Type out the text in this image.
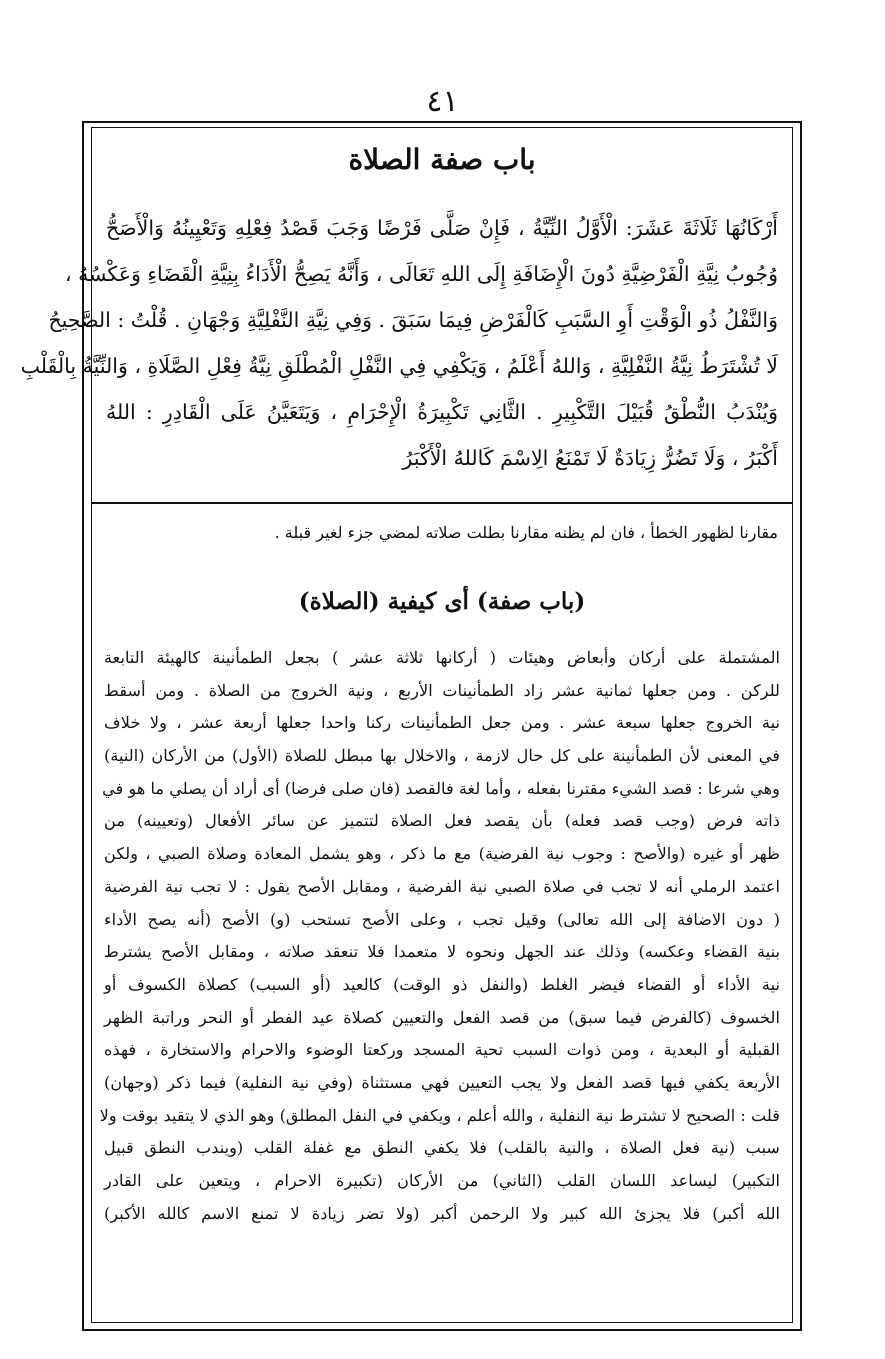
٤١
باب صفة الصلاة
أَرْكَانُهَا ثَلَاثَةَ عَشَرَ: الْأَوَّلُ النِّيَّةُ ، فَإِنْ صَلَّى فَرْضًا وَجَبَ قَصْدُ فِعْلِهِ وَتَعْيِينُهُ وَالْأَصَحُّ
وُجُوبُ نِيَّةِ الْفَرْضِيَّةِ دُونَ الْإِضَافَةِ إِلَى اللهِ تَعَالَى ، وَأَنَّهُ يَصِحُّ الْأَدَاءُ بِنِيَّةِ الْقَضَاءِ وَعَكْسُهُ ،
وَالنَّفْلُ ذُو الْوَقْتِ أَوِ السَّبَبِ كَالْفَرْضِ فِيمَا سَبَقَ . وَفِي نِيَّةِ النَّفْلِيَّةِ وَجْهَانِ . قُلْتُ : الصَّحِيحُ
لَا تُشْتَرَطُ نِيَّةُ النَّفْلِيَّةِ ، وَاللهُ أَعْلَمُ ، وَيَكْفِي فِي النَّفْلِ الْمُطْلَقِ نِيَّةُ فِعْلِ الصَّلَاةِ ، وَالنِّيَّةُ بِالْقَلْبِ
وَيُنْدَبُ النُّطْقُ قُبَيْلَ التَّكْبِيرِ . الثَّانِي تَكْبِيرَةُ الْإِحْرَامِ ، وَيَتَعَيَّنُ عَلَى الْقَادِرِ : اللهُ
أَكْبَرُ ، وَلَا تَضُرُّ زِيَادَةٌ لَا تَمْنَعُ الِاسْمَ كَاللهُ الْأَكْبَرُ
مقارنا لظهور الخطأ ، فان لم يظنه مقارنا بطلت صلاته لمضي جزء لغير قبلة .
(باب صفة) أى كيفية (الصلاة)
المشتملة على أركان وأبعاض وهيئات ( أركانها ثلاثة عشر ) بجعل الطمأنينة كالهيئة التابعة
للركن . ومن جعلها ثمانية عشر زاد الطمأنينات الأربع ، ونية الخروج من الصلاة . ومن أسقط
نية الخروج جعلها سبعة عشر . ومن جعل الطمأنينات ركنا واحدا جعلها أربعة عشر ، ولا خلاف
في المعنى لأن الطمأنينة على كل حال لازمة ، والاخلال بها مبطل للصلاة (الأول) من الأركان (النية)
وهي شرعا : قصد الشيء مقترنا بفعله ، وأما لغة فالقصد (فان صلى فرضا) أى أراد أن يصلي ما هو في
ذاته فرض (وجب قصد فعله) بأن يقصد فعل الصلاة لتتميز عن سائر الأفعال (وتعيينه) من
ظهر أو غيره (والأصح : وجوب نية الفرضية) مع ما ذكر ، وهو يشمل المعادة وصلاة الصبي ، ولكن
اعتمد الرملي أنه لا تجب في صلاة الصبي نية الفرضية ، ومقابل الأصح يقول : لا تجب نية الفرضية
( دون الاضافة إلى الله تعالى) وقيل تجب ، وعلى الأصح تستحب (و) الأصح (أنه يصح الأداء
بنية القضاء وعكسه) وذلك عند الجهل ونحوه لا متعمدا فلا تنعقد صلاته ، ومقابل الأصح يشترط
نية الأداء أو القضاء فيضر الغلط (والنفل ذو الوقت) كالعيد (أو السبب) كصلاة الكسوف أو
الخسوف (كالفرض فيما سبق) من قصد الفعل والتعيين كصلاة عيد الفطر أو النحر وراتبة الظهر
القبلية أو البعدية ، ومن ذوات السبب تحية المسجد وركعتا الوضوء والاحرام والاستخارة ، فهذه
الأربعة يكفي فيها قصد الفعل ولا يجب التعيين فهي مستثناة (وفي نية النفلية) فيما ذكر (وجهان)
قلت : الصحيح لا تشترط نية النفلية ، والله أعلم ، ويكفي في النفل المطلق) وهو الذي لا يتقيد بوقت ولا
سبب (نية فعل الصلاة ، والنية بالقلب) فلا يكفي النطق مع غفلة القلب (ويندب النطق قبيل
التكبير) ليساعد اللسان القلب (الثاني) من الأركان (تكبيرة الاحرام ، ويتعين على القادر
الله أكبر) فلا يجزئ الله كبير ولا الرحمن أكبر (ولا تضر زيادة لا تمنع الاسم كالله الأكبر)
